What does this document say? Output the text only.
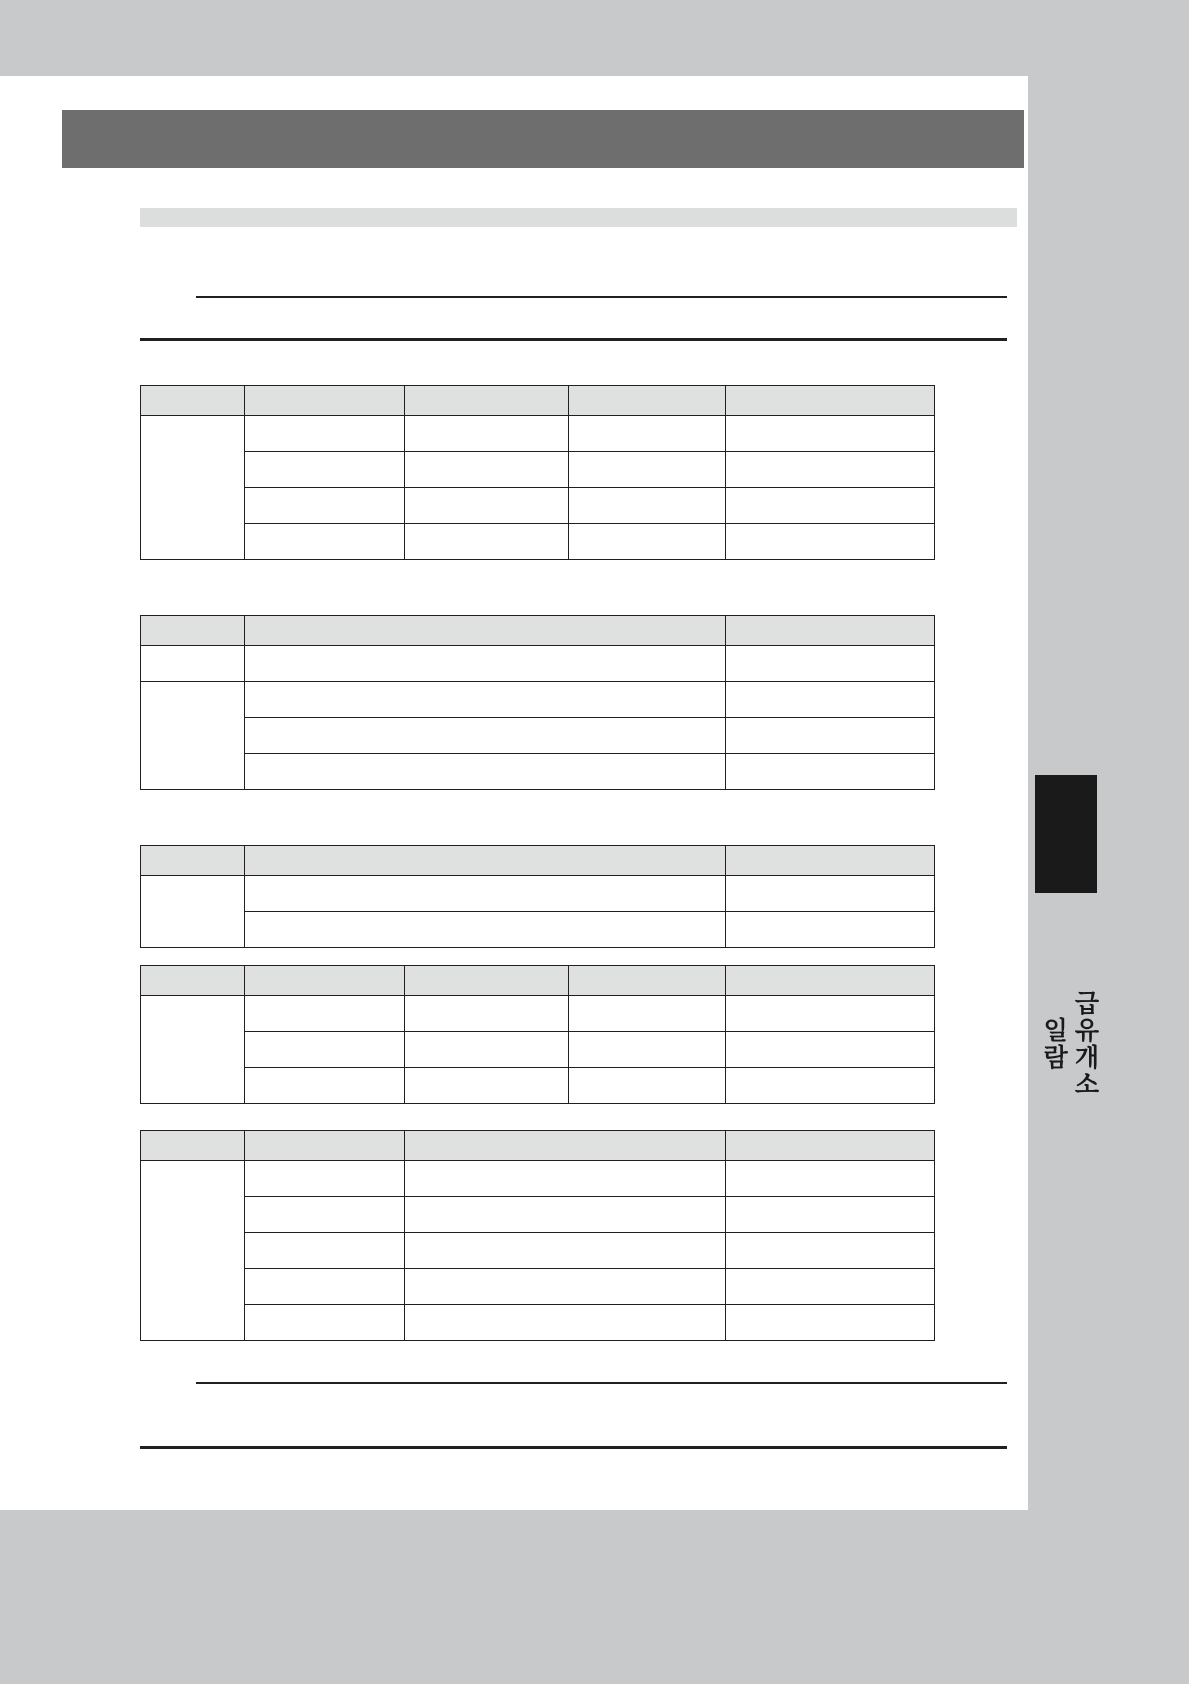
급유개소
일람
